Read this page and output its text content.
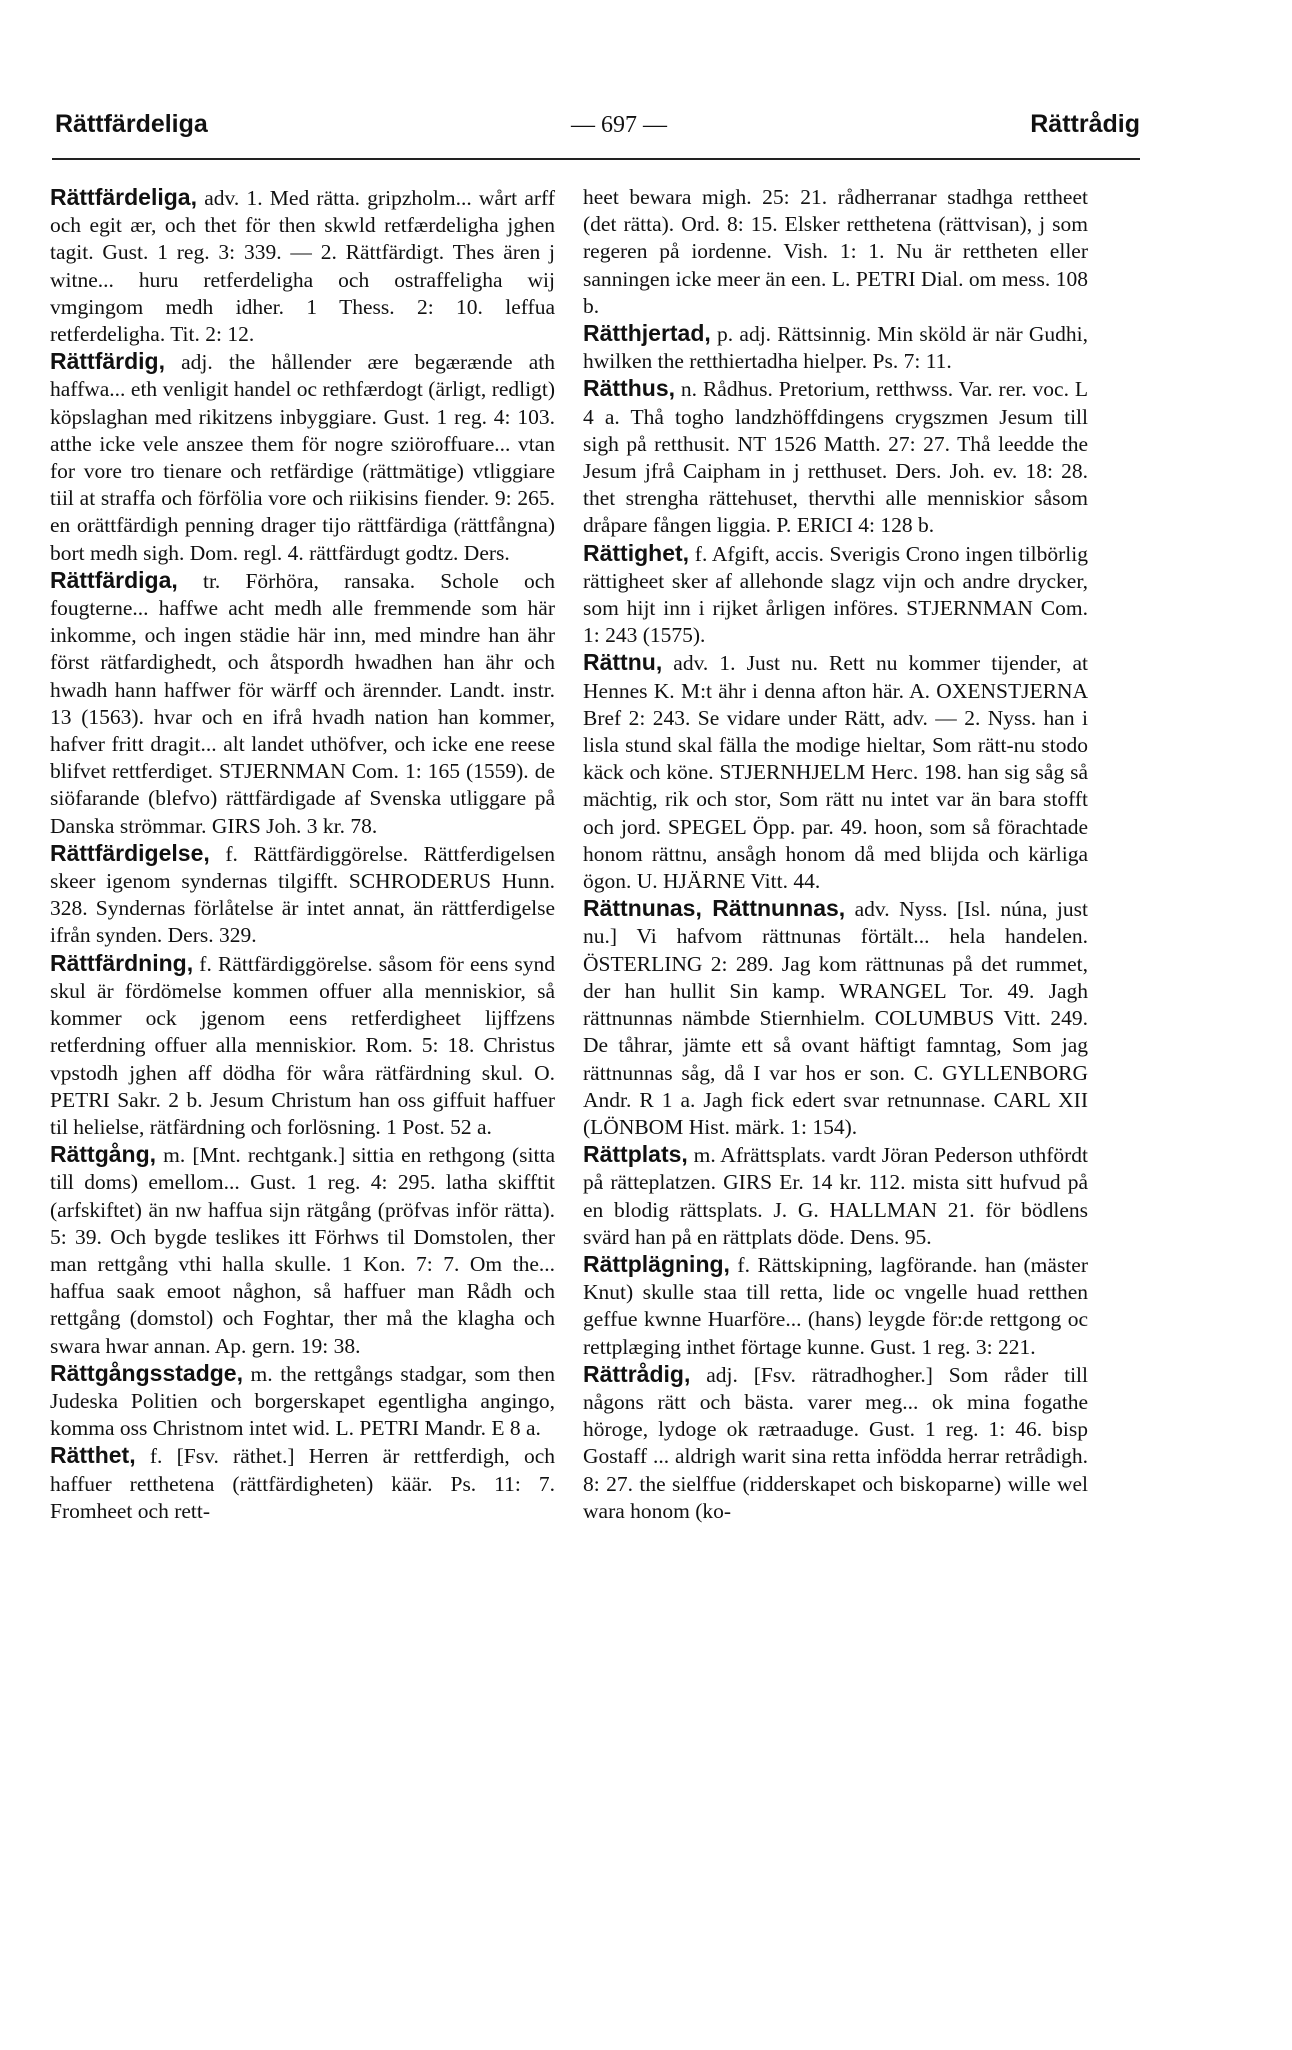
Rättfärdeliga	— 697 —	Rättrådig

Rättfärdeliga, adv. 1. Med rätta. gripzholm... wårt arff och egit ær, och thet för then skwld retfærdeligha jghen tagit. Gust. 1 reg. 3: 339. — 2. Rättfärdigt. Thes ären j witne... huru retferdeligha och ostraffeligha wij vmgingom medh idher. 1 Thess. 2: 10. leffua retferdeligha. Tit. 2: 12.

Rättfärdig, adj. the hållender ære begærænde ath haffwa... eth venligit handel oc rethfærdogt (ärligt, redligt) köpslaghan med rikitzens inbyggiare. Gust. 1 reg. 4: 103. atthe icke vele anszee them för nogre sziöroffuare... vtan for vore tro tienare och retfärdige (rättmätige) vtliggiare tiil at straffa och förfölia vore och riikisins fiender. 9: 265. en orättfärdigh penning drager tijo rättfärdiga (rättfångna) bort medh sigh. Dom. regl. 4. rättfärdugt godtz. Ders.

Rättfärdiga, tr. Förhöra, ransaka. Schole och fougterne... haffwe acht medh alle fremmende som här inkomme, och ingen städie här inn, med mindre han ähr först rätfardighedt, och åtspordh hwadhen han ähr och hwadh hann haffwer för wärff och ärennder. Landt. instr. 13 (1563). hvar och en ifrå hvadh nation han kommer, hafver fritt dragit... alt landet uthöfver, och icke ene reese blifvet rettferdiget. STJERNMAN Com. 1: 165 (1559). de siöfarande (blefvo) rättfärdigade af Svenska utliggare på Danska strömmar. GIRS Joh. 3 kr. 78.

Rättfärdigelse, f. Rättfärdiggörelse. Rättferdigelsen skeer igenom syndernas tilgifft. SCHRODERUS Hunn. 328. Syndernas förlåtelse är intet annat, än rättferdigelse ifrån synden. Ders. 329.

Rättfärdning, f. Rättfärdiggörelse. såsom för eens synd skul är fördömelse kommen offuer alla menniskior, så kommer ock jgenom eens retferdigheet lijffzens retferdning offuer alla menniskior. Rom. 5: 18. Christus vpstodh jghen aff dödha för wåra rätfärdning skul. O. PETRI Sakr. 2 b. Jesum Christum han oss giffuit haffuer til helielse, rätfärdning och forlösning. 1 Post. 52 a.

Rättgång, m. [Mnt. rechtgank.] sittia en rethgong (sitta till doms) emellom... Gust. 1 reg. 4: 295. latha skifftit (arfskiftet) än nw haffua sijn rätgång (pröfvas inför rätta). 5: 39. Och bygde teslikes itt Förhws til Domstolen, ther man rettgång vthi halla skulle. 1 Kon. 7: 7. Om the... haffua saak emoot någhon, så haffuer man Rådh och rettgång (domstol) och Foghtar, ther må the klagha och swara hwar annan. Ap. gern. 19: 38.

Rättgångsstadge, m. the rettgångs stadgar, som then Judeska Politien och borgerskapet egentligha angingo, komma oss Christnom intet wid. L. PETRI Mandr. E 8 a.

Rätthet, f. [Fsv. räthet.] Herren är rettferdigh, och haffuer retthetena (rättfärdigheten) käär. Ps. 11: 7. Fromheet och rett-

heet bewara migh. 25: 21. rådherranar stadhga rettheet (det rätta). Ord. 8: 15. Elsker retthetena (rättvisan), j som regeren på iordenne. Vish. 1: 1. Nu är rettheten eller sanningen icke meer än een. L. PETRI Dial. om mess. 108 b.

Rätthjertad, p. adj. Rättsinnig. Min sköld är när Gudhi, hwilken the retthiertadha hielper. Ps. 7: 11.

Rätthus, n. Rådhus. Pretorium, retthwss. Var. rer. voc. L 4 a. Thå togho landzhöffdingens crygszmen Jesum till sigh på retthusit. NT 1526 Matth. 27: 27. Thå leedde the Jesum jfrå Caipham in j retthuset. Ders. Joh. ev. 18: 28. thet strengha rättehuset, thervthi alle menniskior såsom dråpare fången liggia. P. ERICI 4: 128 b.

Rättighet, f. Afgift, accis. Sverigis Crono ingen tilbörlig rättigheet sker af allehonde slagz vijn och andre drycker, som hijt inn i rijket årligen införes. STJERNMAN Com. 1: 243 (1575).

Rättnu, adv. 1. Just nu. Rett nu kommer tijender, at Hennes K. M:t ähr i denna afton här. A. OXENSTJERNA Bref 2: 243. Se vidare under Rätt, adv. — 2. Nyss. han i lisla stund skal fälla the modige hieltar, Som rätt-nu stodo käck och köne. STJERNHJELM Herc. 198. han sig såg så mächtig, rik och stor, Som rätt nu intet var än bara stofft och jord. SPEGEL Öpp. par. 49. hoon, som så förachtade honom rättnu, ansågh honom då med blijda och kärliga ögon. U. HJÄRNE Vitt. 44.

Rättnunas, Rättnunnas, adv. Nyss. [Isl. núna, just nu.] Vi hafvom rättnunas förtält... hela handelen. ÖSTERLING 2: 289. Jag kom rättnunas på det rummet, der han hullit Sin kamp. WRANGEL Tor. 49. Jagh rättnunnas nämbde Stiernhielm. COLUMBUS Vitt. 249. De tåhrar, jämte ett så ovant häftigt famntag, Som jag rättnunnas såg, då I var hos er son. C. GYLLENBORG Andr. R 1 a. Jagh fick edert svar retnunnase. CARL XII (LÖNBOM Hist. märk. 1: 154).

Rättplats, m. Afrättsplats. vardt Jöran Pederson uthfördt på rätteplatzen. GIRS Er. 14 kr. 112. mista sitt hufvud på en blodig rättsplats. J. G. HALLMAN 21. för bödlens svärd han på en rättplats döde. Dens. 95.

Rättplägning, f. Rättskipning, lagförande. han (mäster Knut) skulle staa till retta, lide oc vngelle huad retthen geffue kwnne Huarföre... (hans) leygde för:de rettgong oc rettplæging inthet förtage kunne. Gust. 1 reg. 3: 221.

Rättrådig, adj. [Fsv. rätradhogher.] Som råder till någons rätt och bästa. varer meg... ok mina fogathe höroge, lydoge ok rætraaduge. Gust. 1 reg. 1: 46. bisp Gostaff ... aldrigh warit sina retta infödda herrar retrådigh. 8: 27. the sielffue (ridderskapet och biskoparne) wille wel wara honom (ko-
